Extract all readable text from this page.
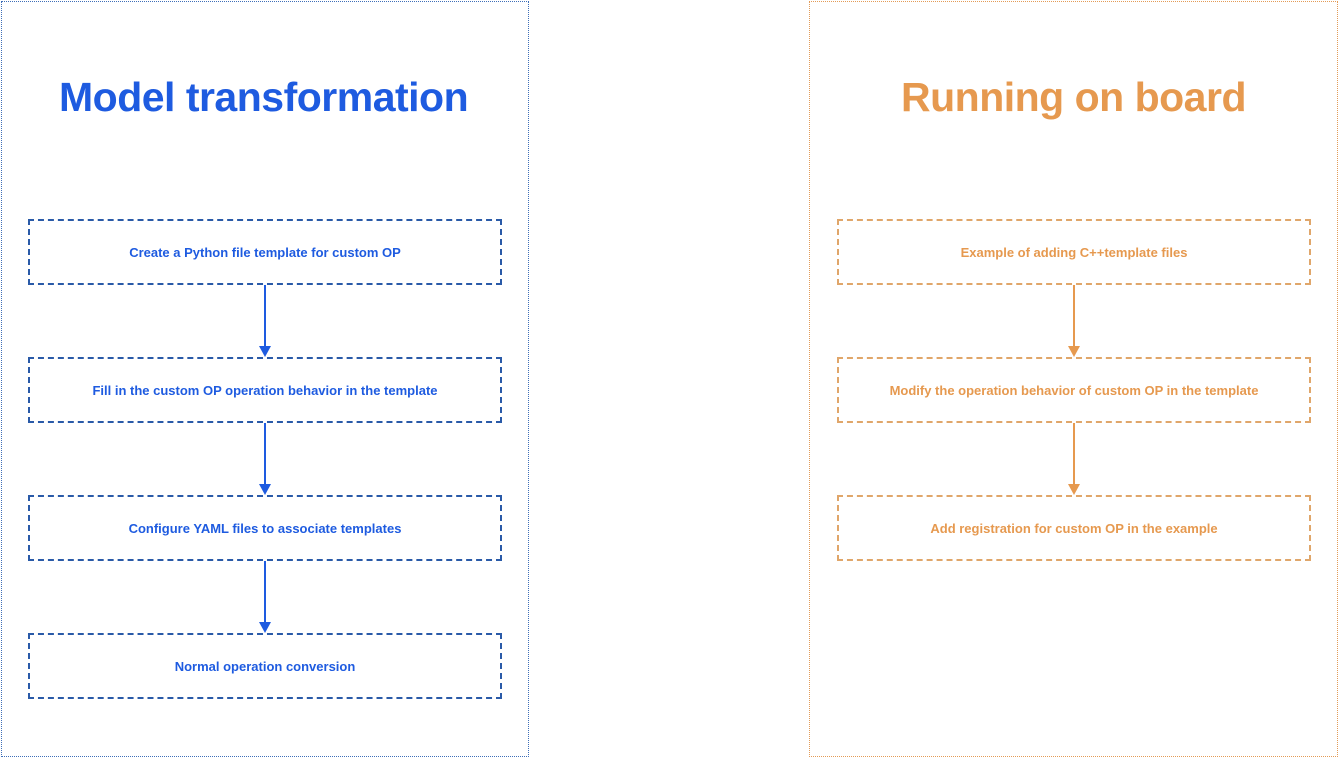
Model transformation
Create a Python file template for custom OP
Fill in the custom OP operation behavior in the template
Configure YAML files to associate templates
Normal operation conversion
Running on board
Example of adding C++template files
Modify the operation behavior of custom OP in the template
Add registration for custom OP in the example
